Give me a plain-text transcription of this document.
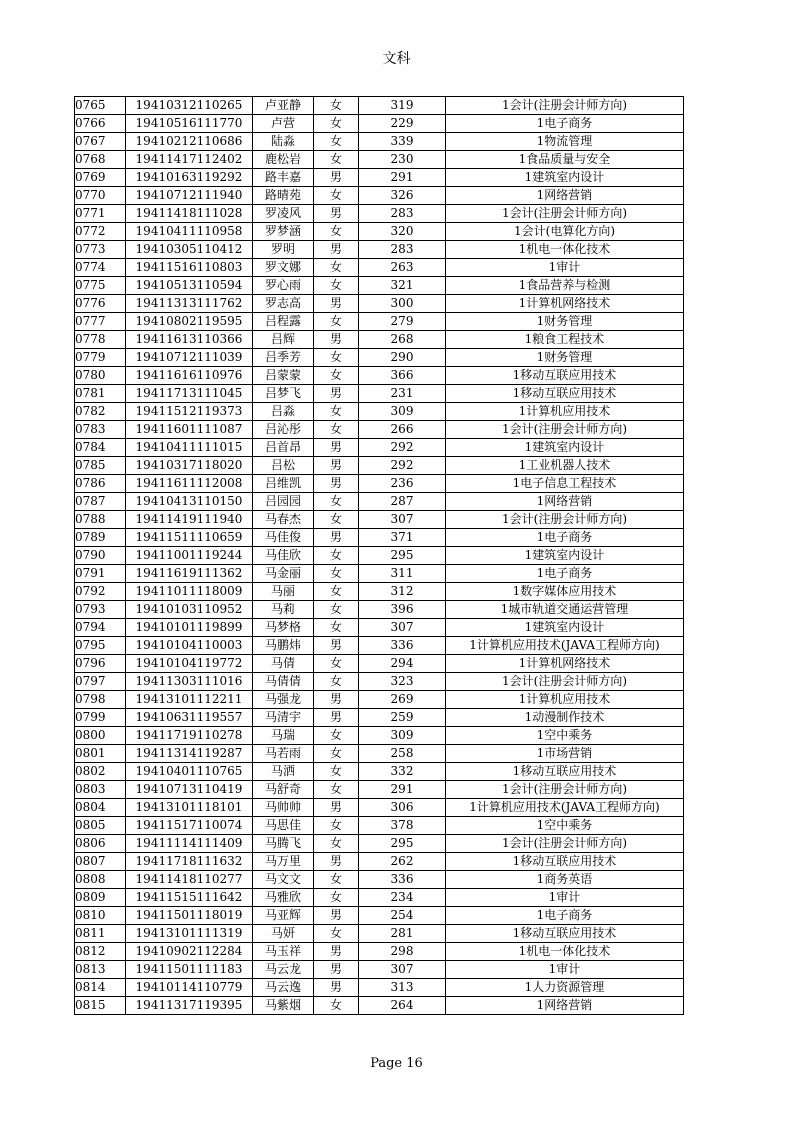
文科
0765	19410312110265	卢亚静	女	319	1会计(注册会计师方向)
0766	19410516111770	卢营	女	229	1电子商务
0767	19410212110686	陆淼	女	339	1物流管理
0768	19411417112402	鹿松岩	女	230	1食品质量与安全
0769	19410163119292	路丰嘉	男	291	1建筑室内设计
0770	19410712111940	路晴苑	女	326	1网络营销
0771	19411418111028	罗凌风	男	283	1会计(注册会计师方向)
0772	19410411110958	罗梦涵	女	320	1会计(电算化方向)
0773	19410305110412	罗明	男	283	1机电一体化技术
0774	19411516110803	罗文娜	女	263	1审计
0775	19410513110594	罗心雨	女	321	1食品营养与检测
0776	19411313111762	罗志高	男	300	1计算机网络技术
0777	19410802119595	吕程露	女	279	1财务管理
0778	19411613110366	吕辉	男	268	1粮食工程技术
0779	19410712111039	吕季芳	女	290	1财务管理
0780	19411616110976	吕蒙蒙	女	366	1移动互联应用技术
0781	19411713111045	吕梦飞	男	231	1移动互联应用技术
0782	19411512119373	吕淼	女	309	1计算机应用技术
0783	19411601111087	吕沁彤	女	266	1会计(注册会计师方向)
0784	19410411111015	吕首昂	男	292	1建筑室内设计
0785	19410317118020	吕松	男	292	1工业机器人技术
0786	19411611112008	吕维凯	男	236	1电子信息工程技术
0787	19410413110150	吕园园	女	287	1网络营销
0788	19411419111940	马春杰	女	307	1会计(注册会计师方向)
0789	19411511110659	马佳俊	男	371	1电子商务
0790	19411001119244	马佳欣	女	295	1建筑室内设计
0791	19411619111362	马金丽	女	311	1电子商务
0792	19411011118009	马丽	女	312	1数字媒体应用技术
0793	19410103110952	马莉	女	396	1城市轨道交通运营管理
0794	19410101119899	马梦格	女	307	1建筑室内设计
0795	19410104110003	马鹏炜	男	336	1计算机应用技术(JAVA工程师方向)
0796	19410104119772	马倩	女	294	1计算机网络技术
0797	19411303111016	马倩倩	女	323	1会计(注册会计师方向)
0798	19413101112211	马强龙	男	269	1计算机应用技术
0799	19410631119557	马清宇	男	259	1动漫制作技术
0800	19411719110278	马瑞	女	309	1空中乘务
0801	19411314119287	马若雨	女	258	1市场营销
0802	19410401110765	马洒	女	332	1移动互联应用技术
0803	19410713110419	马舒奇	女	291	1会计(注册会计师方向)
0804	19413101118101	马帅帅	男	306	1计算机应用技术(JAVA工程师方向)
0805	19411517110074	马思佳	女	378	1空中乘务
0806	19411114111409	马腾飞	女	295	1会计(注册会计师方向)
0807	19411718111632	马万里	男	262	1移动互联应用技术
0808	19411418110277	马文文	女	336	1商务英语
0809	19411515111642	马雅欣	女	234	1审计
0810	19411501118019	马亚辉	男	254	1电子商务
0811	19413101111319	马妍	女	281	1移动互联应用技术
0812	19410902112284	马玉祥	男	298	1机电一体化技术
0813	19411501111183	马云龙	男	307	1审计
0814	19410114110779	马云逸	男	313	1人力资源管理
0815	19411317119395	马紫烟	女	264	1网络营销
Page 16
